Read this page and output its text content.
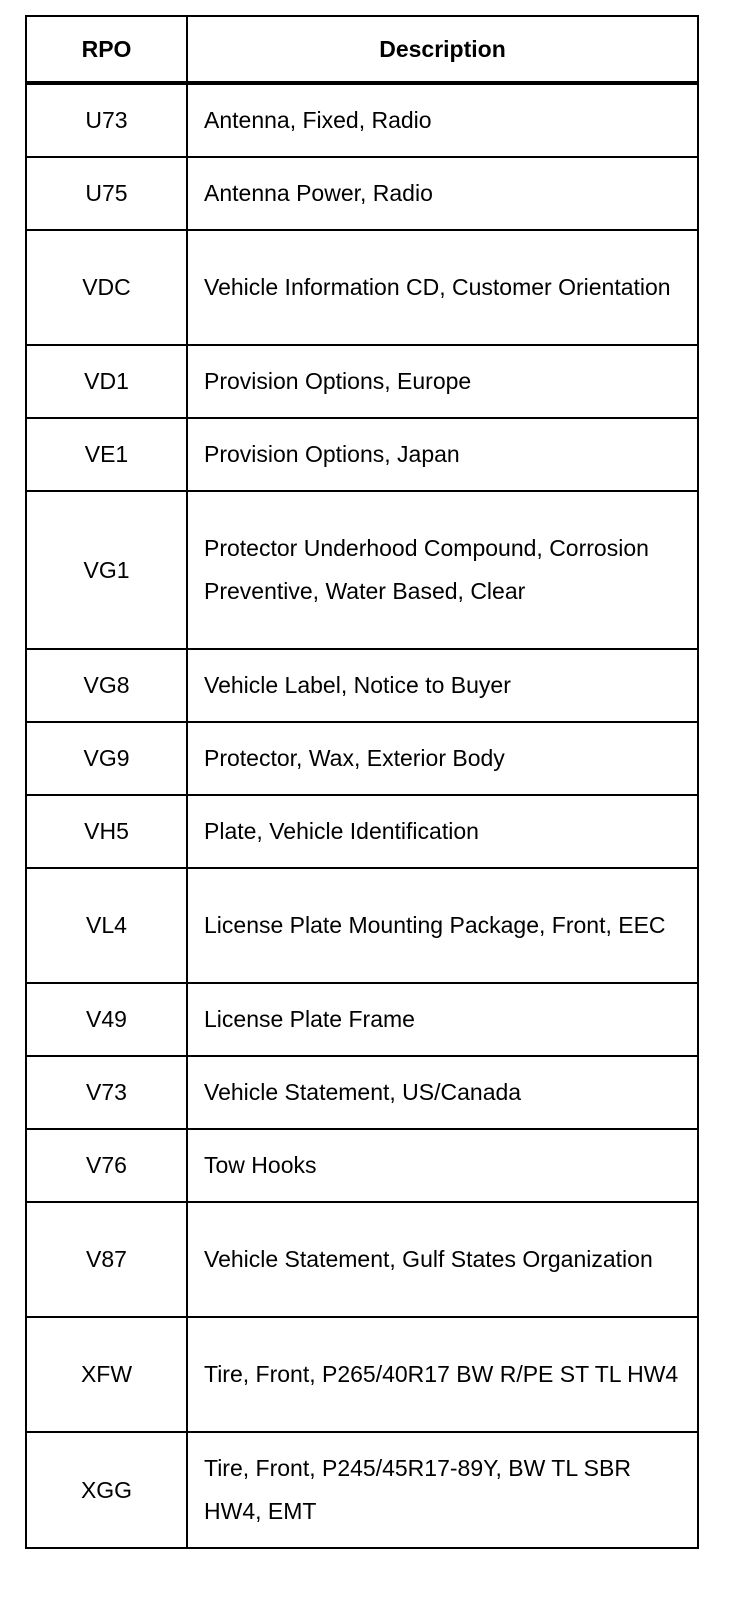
RPO	Description
U73	Antenna, Fixed, Radio
U75	Antenna Power, Radio
VDC	Vehicle Information CD, Customer Orientation
VD1	Provision Options, Europe
VE1	Provision Options, Japan
VG1	Protector Underhood Compound, Corrosion Preventive, Water Based, Clear
VG8	Vehicle Label, Notice to Buyer
VG9	Protector, Wax, Exterior Body
VH5	Plate, Vehicle Identification
VL4	License Plate Mounting Package, Front, EEC
V49	License Plate Frame
V73	Vehicle Statement, US/Canada
V76	Tow Hooks
V87	Vehicle Statement, Gulf States Organization
XFW	Tire, Front, P265/40R17 BW R/PE ST TL HW4
XGG	Tire, Front, P245/45R17-89Y, BW TL SBR HW4, EMT
